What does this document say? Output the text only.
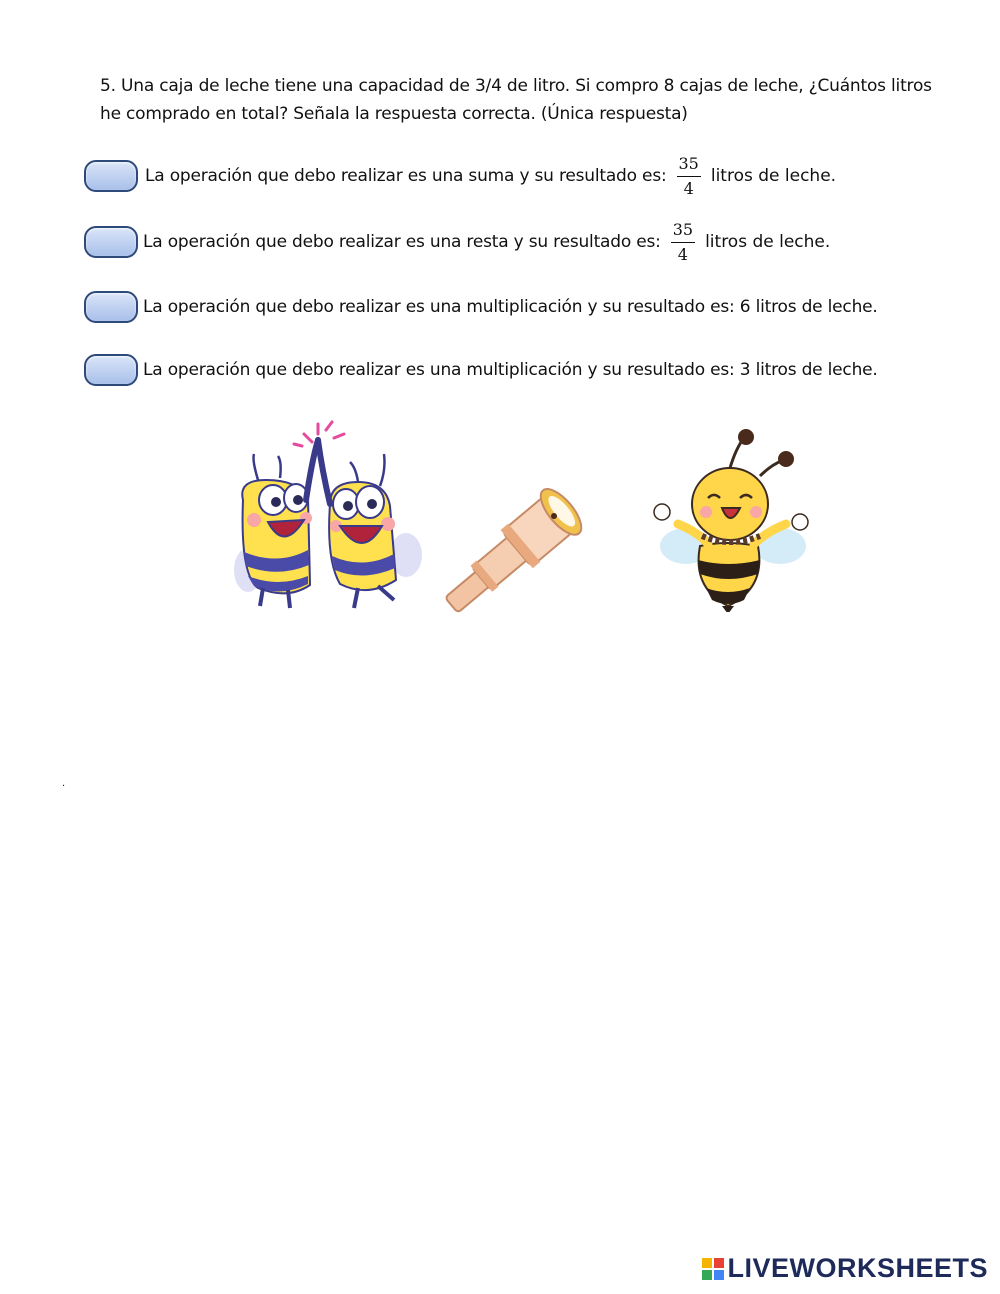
5. Una caja de leche tiene una capacidad de 3/4 de litro. Si compro 8 cajas de leche, ¿Cuántos litros
he comprado en total? Señala la respuesta correcta. (Única respuesta)
La operación que debo realizar es una suma y su resultado es: $\frac{35}{4}$ litros de leche.
La operación que debo realizar es una resta y su resultado es: $\frac{35}{4}$ litros de leche.
La operación que debo realizar es una multiplicación y su resultado es: 6 litros de leche.
La operación que debo realizar es una multiplicación y su resultado es: 3 litros de leche.
.
LIVEWORKSHEETS
